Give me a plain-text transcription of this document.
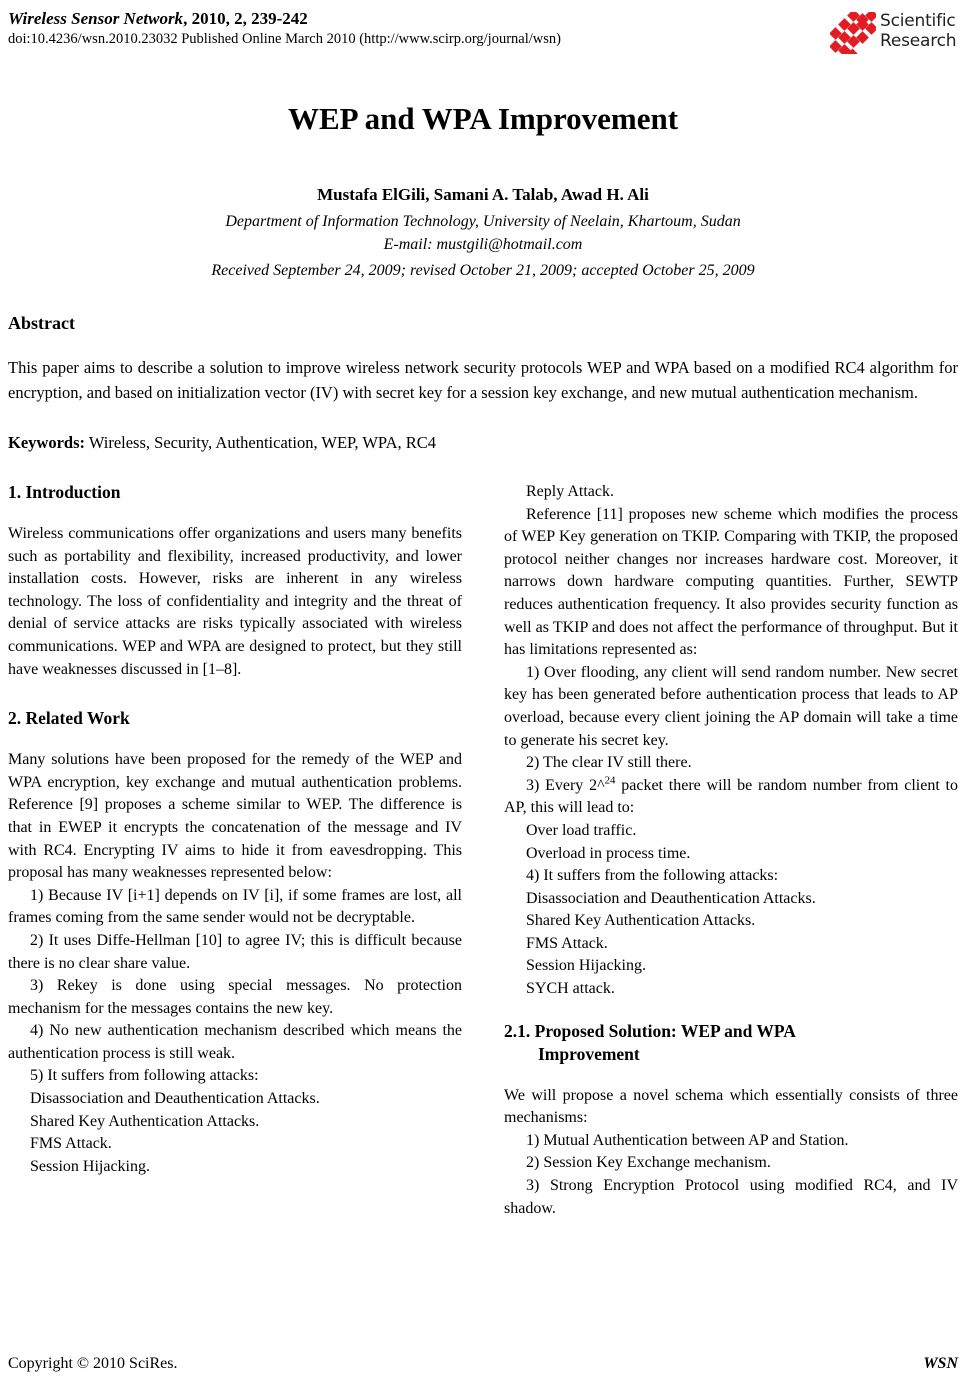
Wireless Sensor Network, 2010, 2, 239-242
doi:10.4236/wsn.2010.23032 Published Online March 2010 (http://www.scirp.org/journal/wsn)
Scientific
Research
WEP and WPA Improvement
Mustafa ElGili, Samani A. Talab, Awad H. Ali
Department of Information Technology, University of Neelain, Khartoum, Sudan
E-mail: mustgili@hotmail.com
Received September 24, 2009; revised October 21, 2009; accepted October 25, 2009
Abstract
This paper aims to describe a solution to improve wireless network security protocols WEP and WPA based on a modified RC4 algorithm for encryption, and based on initialization vector (IV) with secret key for a session key exchange, and new mutual authentication mechanism.
Keywords: Wireless, Security, Authentication, WEP, WPA, RC4
1. Introduction

Wireless communications offer organizations and users many benefits such as portability and flexibility, increased productivity, and lower installation costs. However, risks are inherent in any wireless technology. The loss of confidentiality and integrity and the threat of denial of service attacks are risks typically associated with wireless communications. WEP and WPA are designed to protect, but they still have weaknesses discussed in [1–8].

2. Related Work

Many solutions have been proposed for the remedy of the WEP and WPA encryption, key exchange and mutual authentication problems. Reference [9] proposes a scheme similar to WEP. The difference is that in EWEP it encrypts the concatenation of the message and IV with RC4. Encrypting IV aims to hide it from eavesdropping. This proposal has many weaknesses represented below:

1) Because IV [i+1] depends on IV [i], if some frames are lost, all frames coming from the same sender would not be decryptable.

2) It uses Diffe-Hellman [10] to agree IV; this is difficult because there is no clear share value.

3) Rekey is done using special messages. No protection mechanism for the messages contains the new key.

4) No new authentication mechanism described which means the authentication process is still weak.

5) It suffers from following attacks:

Disassociation and Deauthentication Attacks.

Shared Key Authentication Attacks.

FMS Attack.

Session Hijacking.

Reply Attack.

Reference [11] proposes new scheme which modifies the process of WEP Key generation on TKIP. Comparing with TKIP, the proposed protocol neither changes nor increases hardware cost. Moreover, it narrows down hardware computing quantities. Further, SEWTP reduces authentication frequency. It also provides security function as well as TKIP and does not affect the performance of throughput. But it has limitations represented as:

1) Over flooding, any client will send random number. New secret key has been generated before authentication process that leads to AP overload, because every client joining the AP domain will take a time to generate his secret key.

2) The clear IV still there.

3) Every 2^$^{24}$ packet there will be random number from client to AP, this will lead to:

Over load traffic.

Overload in process time.

4) It suffers from the following attacks:

Disassociation and Deauthentication Attacks.

Shared Key Authentication Attacks.

FMS Attack.

Session Hijacking.

SYCH attack.

2.1. Proposed Solution: WEP and WPA
Improvement

We will propose a novel schema which essentially consists of three mechanisms:

1) Mutual Authentication between AP and Station.

2) Session Key Exchange mechanism.

3) Strong Encryption Protocol using modified RC4, and IV shadow.

Copyright © 2010 SciRes.	WSN
